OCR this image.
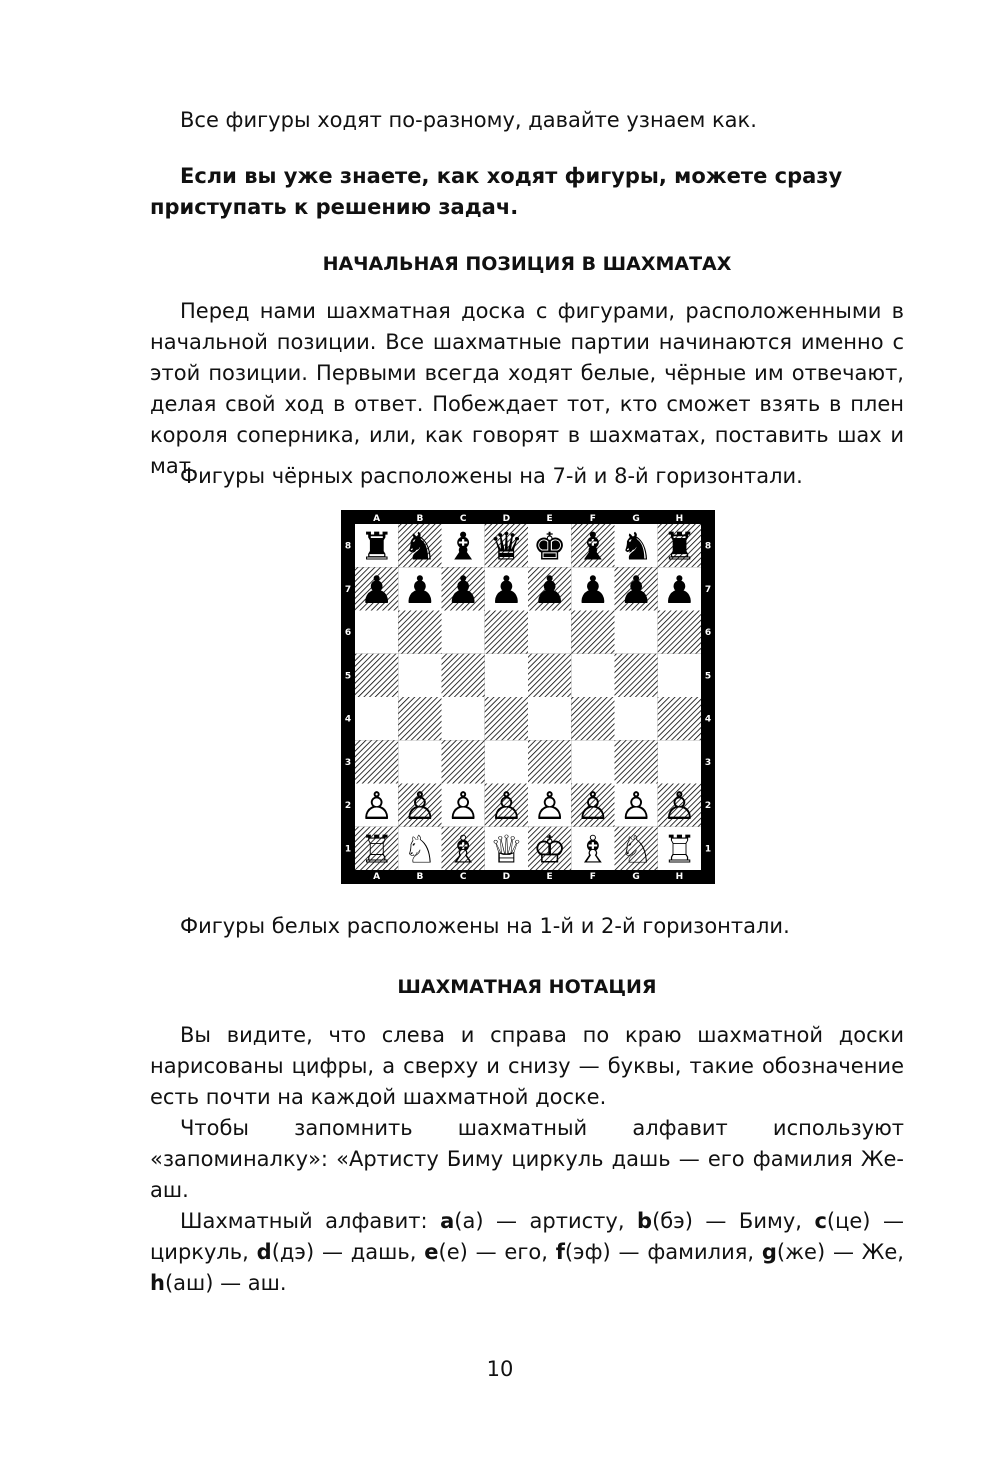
Все фигуры ходят по-разному, давайте узнаем как.

Если вы уже знаете, как ходят фигуры, можете сразу приступать к решению задач.

НАЧАЛЬНАЯ ПОЗИЦИЯ В ШАХМАТАХ

Перед нами шахматная доска с фигурами, расположенными в начальной позиции. Все шахматные партии начинаются именно с этой позиции. Первыми всегда ходят белые, чёрные им отвечают, делая свой ход в ответ. Побеждает тот, кто сможет взять в плен короля соперника, или, как говорят в шахматах, поставить шах и мат.

Фигуры чёрных расположены на 7-й и 8-й горизонтали.

A
A
B
B
C
C
D
D
E
E
F
F
G
G
H
H
8	8
7	7
6	6
5	5
4	4
3	3
2	2
1	1
♜ ♞ ♝ ♛ ♚ ♝ ♞ ♜
♟ ♟ ♟ ♟ ♟ ♟ ♟ ♟
♙ ♙ ♙ ♙ ♙ ♙ ♙ ♙
♖ ♘ ♗ ♕ ♔ ♗ ♘ ♖

Фигуры белых расположены на 1-й и 2-й горизонтали.

ШАХМАТНАЯ НОТАЦИЯ

Вы видите, что слева и справа по краю шахматной доски нарисованы цифры, а сверху и снизу — буквы, такие обозначение есть почти на каждой шахматной доске.

Чтобы запомнить шахматный алфавит используют «запоминалку»: «Артисту Биму циркуль дашь — его фамилия Же-аш.

Шахматный алфавит: a(а) — артисту, b(бэ) — Биму, c(це) — циркуль, d(дэ) — дашь, e(е) — его, f(эф) — фамилия, g(же) — Же, h(аш) — аш.

10
